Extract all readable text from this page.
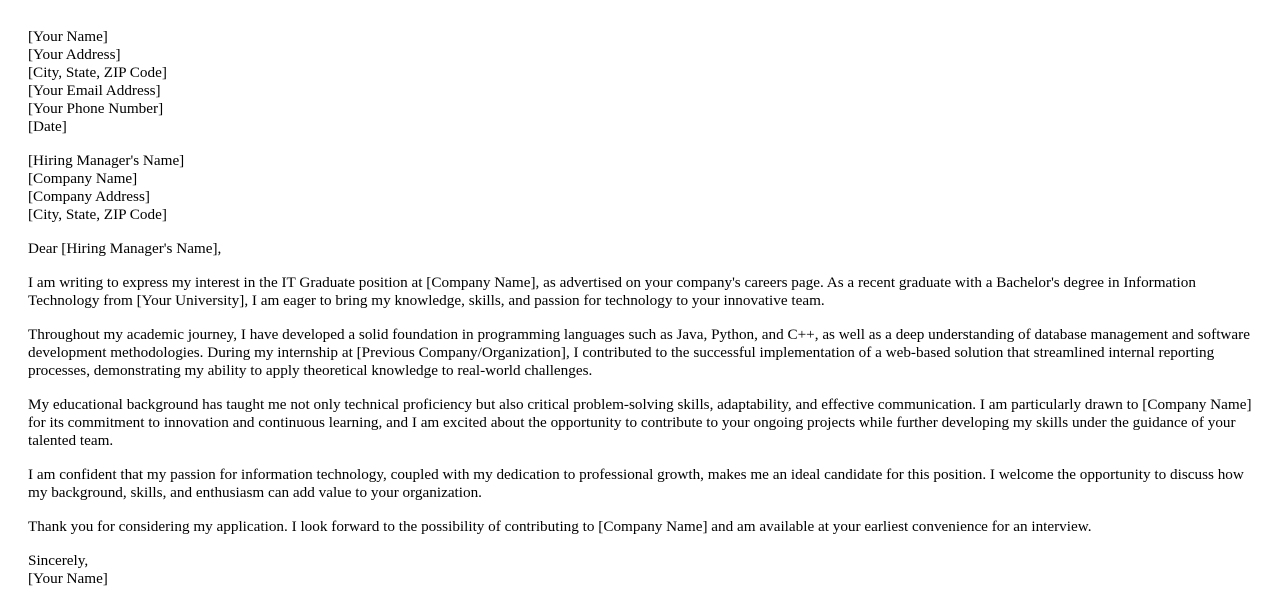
[Your Name]
[Your Address]
[City, State, ZIP Code]
[Your Email Address]
[Your Phone Number]
[Date]
[Hiring Manager's Name]
[Company Name]
[Company Address]
[City, State, ZIP Code]

Dear [Hiring Manager's Name],

I am writing to express my interest in the IT Graduate position at [Company Name], as advertised on your company's careers page. As a recent graduate with a Bachelor's degree in Information Technology from [Your University], I am eager to bring my knowledge, skills, and passion for technology to your innovative team.

Throughout my academic journey, I have developed a solid foundation in programming languages such as Java, Python, and C++, as well as a deep understanding of database management and software development methodologies. During my internship at [Previous Company/Organization], I contributed to the successful implementation of a web-based solution that streamlined internal reporting processes, demonstrating my ability to apply theoretical knowledge to real-world challenges.

My educational background has taught me not only technical proficiency but also critical problem-solving skills, adaptability, and effective communication. I am particularly drawn to [Company Name] for its commitment to innovation and continuous learning, and I am excited about the opportunity to contribute to your ongoing projects while further developing my skills under the guidance of your talented team.

I am confident that my passion for information technology, coupled with my dedication to professional growth, makes me an ideal candidate for this position. I welcome the opportunity to discuss how my background, skills, and enthusiasm can add value to your organization.

Thank you for considering my application. I look forward to the possibility of contributing to [Company Name] and am available at your earliest convenience for an interview.

Sincerely,
[Your Name]
